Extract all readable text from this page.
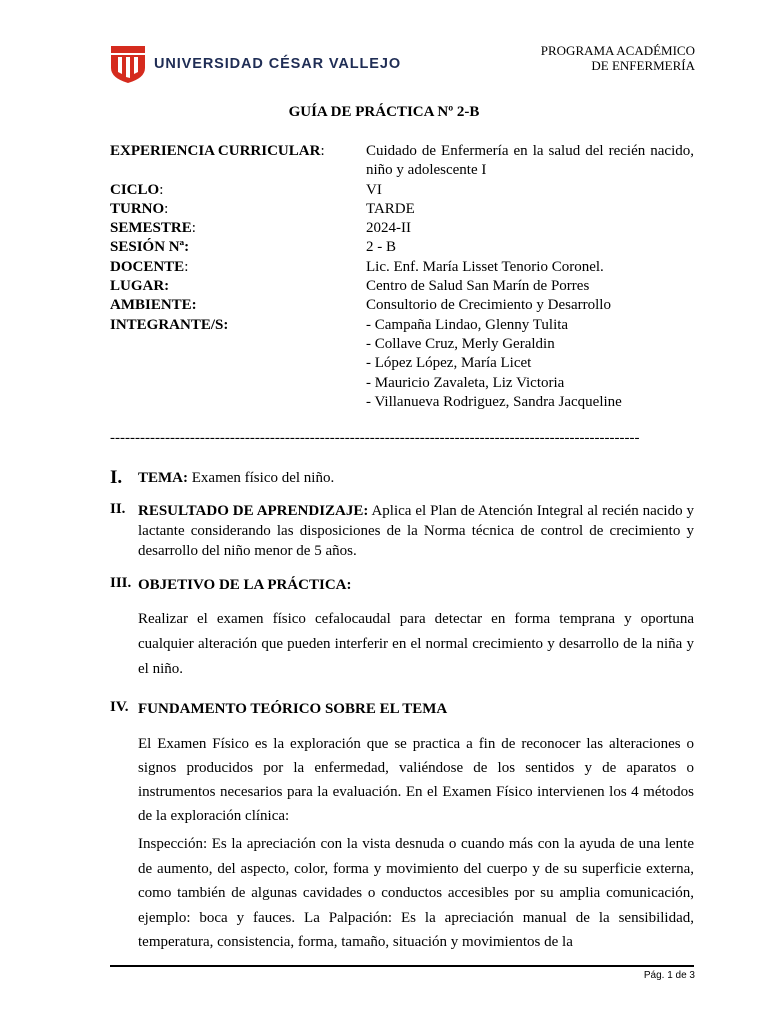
UNIVERSIDAD CÉSAR VALLEJO
PROGRAMA ACADÉMICO
DE ENFERMERÍA
GUÍA DE PRÁCTICA Nº 2-B
EXPERIENCIA CURRICULAR:	Cuidado de Enfermería en la salud del recién nacido, niño y adolescente I
CICLO:	VI
TURNO:	TARDE
SEMESTRE:	2024-II
SESIÓN Nª:	2 - B
DOCENTE:	Lic. Enf. María Lisset Tenorio Coronel.
LUGAR:	Centro de Salud San Marín de Porres
AMBIENTE:	Consultorio de Crecimiento y Desarrollo
INTEGRANTE/S:	- Campaña Lindao, Glenny Tulita
- Collave Cruz, Merly Geraldin
- López López, María Licet
- Mauricio Zavaleta, Liz Victoria
- Villanueva Rodriguez, Sandra Jacqueline
----------------------------------------------------------------------------------------------------------
I.	TEMA: Examen físico del niño.
II. RESULTADO DE APRENDIZAJE: Aplica el Plan de Atención Integral al recién nacido y lactante considerando las disposiciones de la Norma técnica de control de crecimiento y desarrollo del niño menor de 5 años.
III. OBJETIVO DE LA PRÁCTICA:
Realizar el examen físico cefalocaudal para detectar en forma temprana y oportuna cualquier alteración que pueden interferir en el normal crecimiento y desarrollo de la niña y el niño.
IV. FUNDAMENTO TEÓRICO SOBRE EL TEMA
El Examen Físico es la exploración que se practica a fin de reconocer las alteraciones o signos producidos por la enfermedad, valiéndose de los sentidos y de aparatos o instrumentos necesarios para la evaluación. En el Examen Físico intervienen los 4 métodos de la exploración clínica:
Inspección: Es la apreciación con la vista desnuda o cuando más con la ayuda de una lente de aumento, del aspecto, color, forma y movimiento del cuerpo y de su superficie externa, como también de algunas cavidades o conductos accesibles por su amplia comunicación, ejemplo: boca y fauces. La Palpación: Es la apreciación manual de la sensibilidad, temperatura, consistencia, forma, tamaño, situación y movimientos de la
Pág. 1 de 3
